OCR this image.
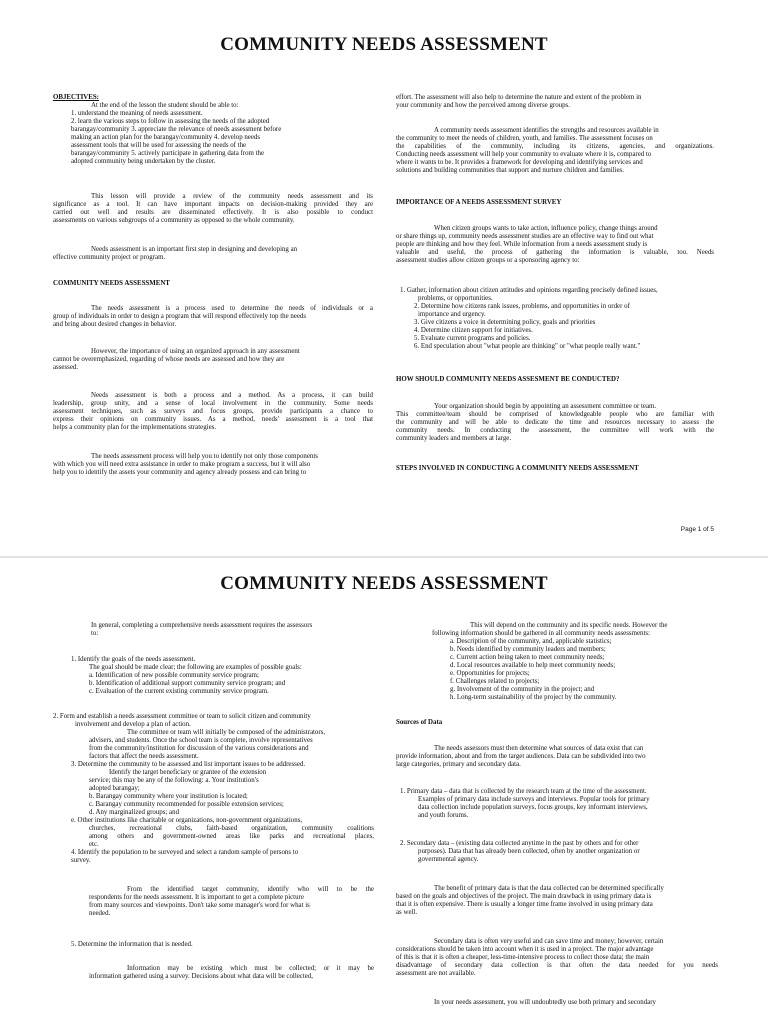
COMMUNITY NEEDS ASSESSMENT
OBJECTIVES:
At the end of the lesson the student should be able to:
1. understand the meaning of needs assessment.
2. learn the various steps to follow in assessing the needs of the adopted
barangay/community 3. appreciate the relevance of needs assessment before
making an action plan for the barangay/community 4. develop needs
assessment tools that will be used for assessing the needs of the
barangay/community 5. actively participate in gathering data from the
adopted community being undertaken by the cluster.
This lesson will provide a review of the community needs assessment and its
significance as a tool. It can have important impacts on decision-making provided they are
carried out well and results are disseminated effectively. It is also possible to conduct
assessments on various subgroups of a community as opposed to the whole community.
Needs assessment is an important first step in designing and developing an
effective community project or program.
COMMUNITY NEEDS ASSESSMENT
The needs assessment is a process used to determine the needs of individuals or a
group of individuals in order to design a program that will respond effectively top the needs
and bring about desired changes in behavior.
However, the importance of using an organized approach in any assessment
cannot be overemphasized, regarding of whose needs are assessed and how they are
assessed.
Needs assessment is both a process and a method. As a process, it can build
leadership, group unity, and a sense of local involvement in the community. Some needs
assessment techniques, such as surveys and focus groups, provide participants a chance to
express their opinions on community issues. As a method, needs' assessment is a tool that
helps a community plan for the implementations strategies.
The needs assessment process will help you to identify not only those components
with which you will need extra assistance in order to make program a success, but it will also
help you to identify the assets your community and agency already possess and can bring to
effort. The assessment will also help to determine the nature and extent of the problem in
your community and how the perceived among diverse groups.
A community needs assessment identifies the strengths and resources available in
the community to meet the needs of children, youth, and families. The assessment focuses on
the capabilities of the community, including its citizens, agencies, and organizations.
Conducting needs assessment will help your community to evaluate where it is, compared to
where it wants to be. It provides a framework for developing and identifying services and
solutions and building communities that support and nurture children and families.
IMPORTANCE OF A NEEDS ASSESSMENT SURVEY
When citizen groups wants to take action, influence policy, change things around
or share things up, community needs assessment studies are an effective way to find out what
people are thinking and how they feel. While information from a needs assessment study is
valuable and useful, the process of gathering the information is valuable, too. Needs
assessment studies allow citizen groups or a sponsoring agency to:
1. Gather, information about citizen attitudes and opinions regarding precisely defined issues,
problems, or opportunities.
2. Determine how citizens rank issues, problems, and opportunities in order of
importance and urgency.
3. Give citizens a voice in determining policy, goals and priorities
4. Determine citizen support for initiatives.
5. Evaluate current programs and policies.
6. End speculation about "what people are thinking" or "what people really want."
HOW SHOULD COMMUNITY NEEDS ASSESMENT BE CONDUCTED?
Your organization should begin by appointing an assessment committee or team.
This committee/team should be comprised of knowledgeable people who are familiar with
the community and will be able to dedicate the time and resources necessary to assess the
community needs. In conducting the assessment, the committee will work with the
community leaders and members at large.
STEPS INVOLVED IN CONDUCTING A COMMUNITY NEEDS ASSESSMENT
Page 1 of 5
COMMUNITY NEEDS ASSESSMENT
In general, completing a comprehensive needs assessment requires the assessors
to:
1. Identify the goals of the needs assessment.
The goal should be made clear; the following are examples of possible goals:
a. Identification of new possible community service program;
b. Identification of additional support community service program; and
c. Evaluation of the current existing community service program.
2. Form and establish a needs assessment committee or team to solicit citizen and community
involvement and develop a plan of action.
The committee or team will initially be composed of the administrators,
advisers, and students. Once the school team is complete, involve representatives
from the community/institution for discussion of the various considerations and
factors that affect the needs assessment.
3. Determine the community to be assessed and list important issues to be addressed.
Identify the target beneficiary or grantee of the extension
service; this may be any of the following: a. Your institution's
adopted barangay;
b. Barangay community where your institution is located;
c. Barangay community recommended for possible extension services;
d. Any marginalized groups; and
e. Other institutions like charitable or organizations, non-government organizations,
churches, recreational clubs, faith-based organization, community coalitions
among others and government-owned areas like parks and recreational places,
etc.
4. Identify the population to be surveyed and select a random sample of persons to
survey.
From the identified target community, identify who will to be the
respondents for the needs assessment. It is important to get a complete picture
from many sources and viewpoints. Don't take some manager's word for what is
needed.
5. Determine the information that is needed.
Information may be existing which must be collected; or it may be
information gathered using a survey. Decisions about what data will be collected,
This will depend on the community and its specific needs. However the
following information should be gathered in all community needs assessments:
a. Description of the community, and, applicable statistics;
b. Needs identified by community leaders and members;
c. Current action being taken to meet community needs;
d. Local resources available to help meet community needs;
e. Opportunities for projects;
f. Challenges related to projects;
g. Involvement of the community in the project; and
h. Long-term sustainability of the project by the community.
Sources of Data
The needs assessors must then determine what sources of data exist that can
provide information, about and from the target audiences. Data can be subdivided into two
large categories, primary and secondary data.
1. Primary data – data that is collected by the research team at the time of the assessment.
Examples of primary data include surveys and interviews. Popular tools for primary
data collection include population surveys, focus groups, key informant interviews,
and youth forums.
2. Secondary data – (existing data collected anytime in the past by others and for other
purposes). Data that has already been collected, often by another organization or
governmental agency.
The benefit of primary data is that the data collected can be determined specifically
based on the goals and objectives of the project. The main drawback in using primary data is
that it is often expensive. There is usually a longer time frame involved in using primary data
as well.
Secondary data is often very useful and can save time and money; however, certain
considerations should be taken into account when it is used in a project. The major advantage
of this is that it is often a cheaper, less-time-intensive process to collect those data; the main
disadvantage of secondary data collection is that often the data needed for you needs
assessment are not available.
In your needs assessment, you will undoubtedly use both primary and secondary
